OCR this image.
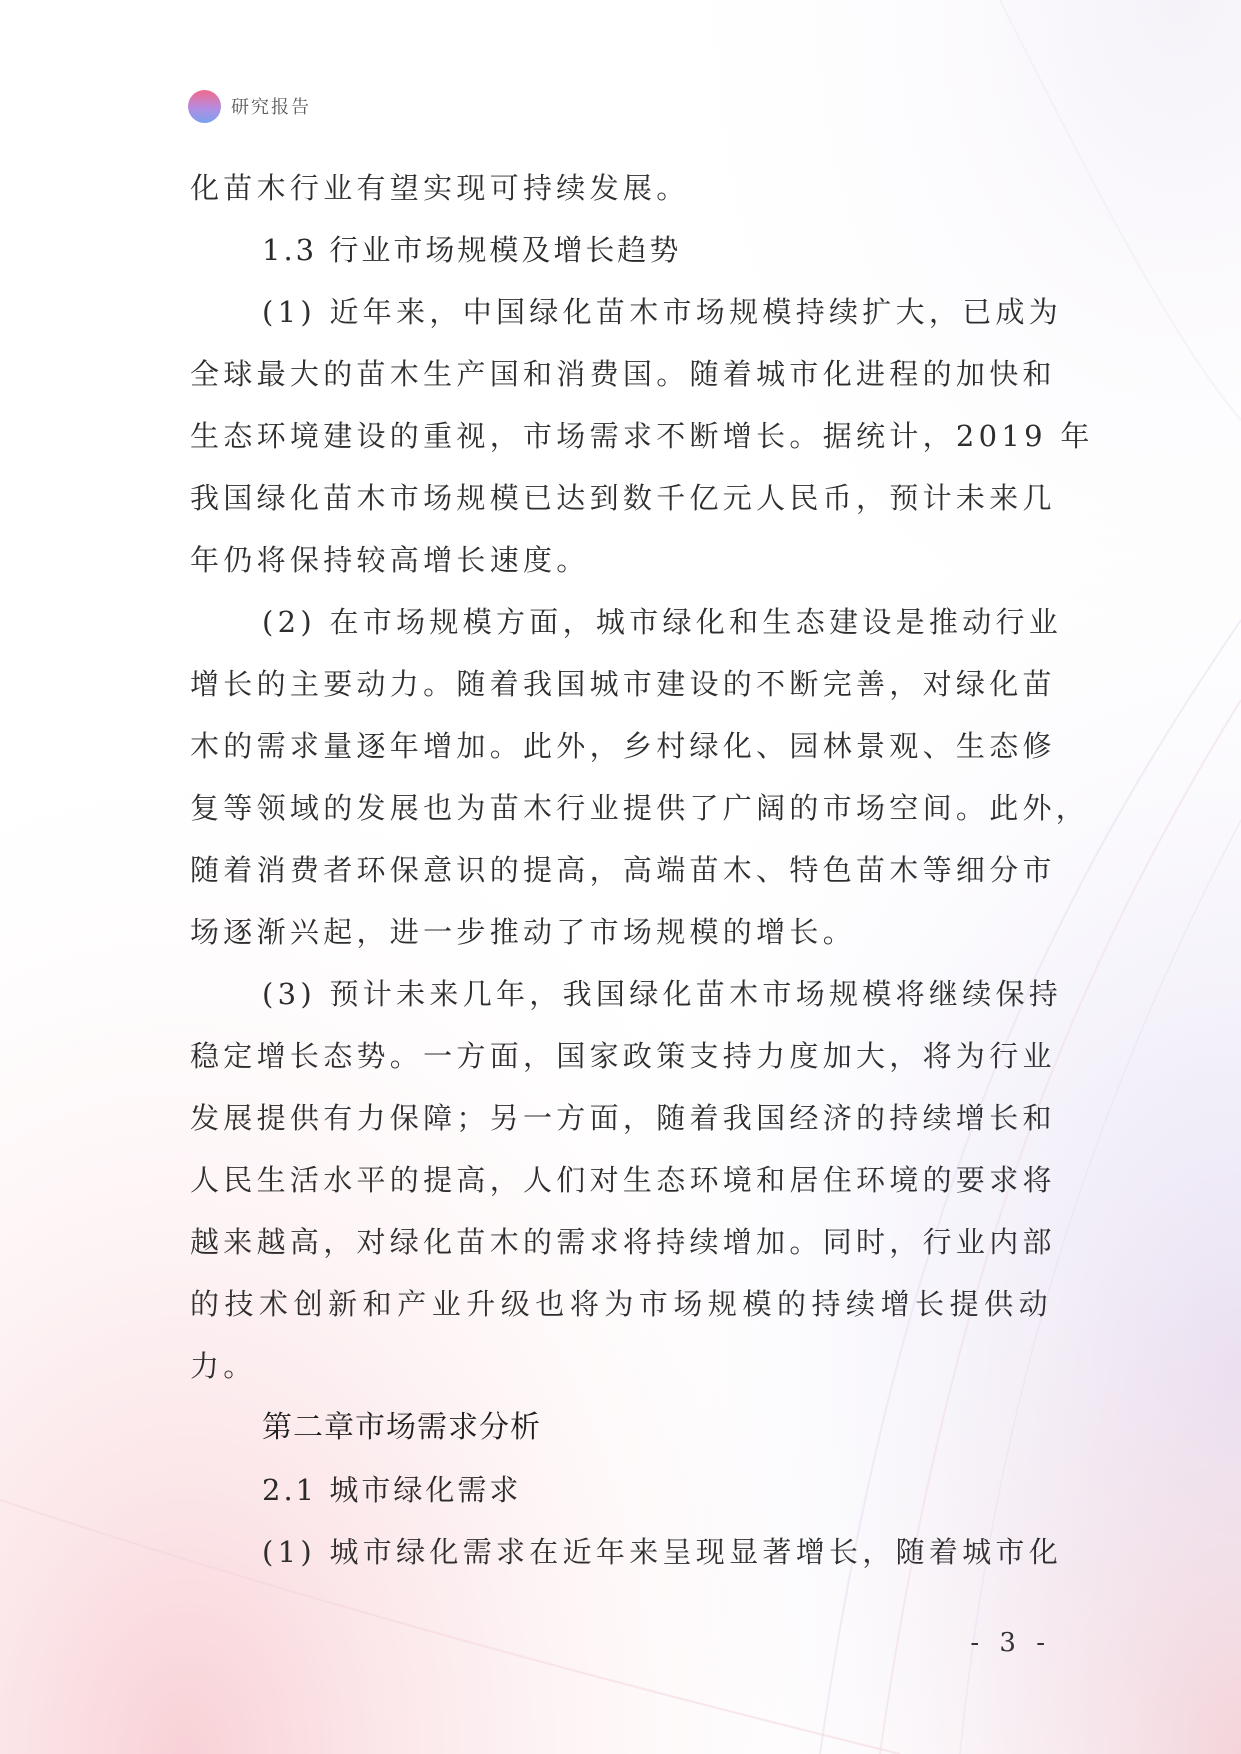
研究报告
化苗木行业有望实现可持续发展。
1.3 行业市场规模及增长趋势
(1) 近年来，中国绿化苗木市场规模持续扩大，已成为
全球最大的苗木生产国和消费国。随着城市化进程的加快和
生态环境建设的重视，市场需求不断增长。据统计，2019 年
我国绿化苗木市场规模已达到数千亿元人民币，预计未来几
年仍将保持较高增长速度。
(2) 在市场规模方面，城市绿化和生态建设是推动行业
增长的主要动力。随着我国城市建设的不断完善，对绿化苗
木的需求量逐年增加。此外，乡村绿化、园林景观、生态修
复等领域的发展也为苗木行业提供了广阔的市场空间。此外，
随着消费者环保意识的提高，高端苗木、特色苗木等细分市
场逐渐兴起，进一步推动了市场规模的增长。
(3) 预计未来几年，我国绿化苗木市场规模将继续保持
稳定增长态势。一方面，国家政策支持力度加大，将为行业
发展提供有力保障；另一方面，随着我国经济的持续增长和
人民生活水平的提高，人们对生态环境和居住环境的要求将
越来越高，对绿化苗木的需求将持续增加。同时，行业内部
的技术创新和产业升级也将为市场规模的持续增长提供动
力。
第二章市场需求分析
2.1 城市绿化需求
(1) 城市绿化需求在近年来呈现显著增长，随着城市化
- 3 -
